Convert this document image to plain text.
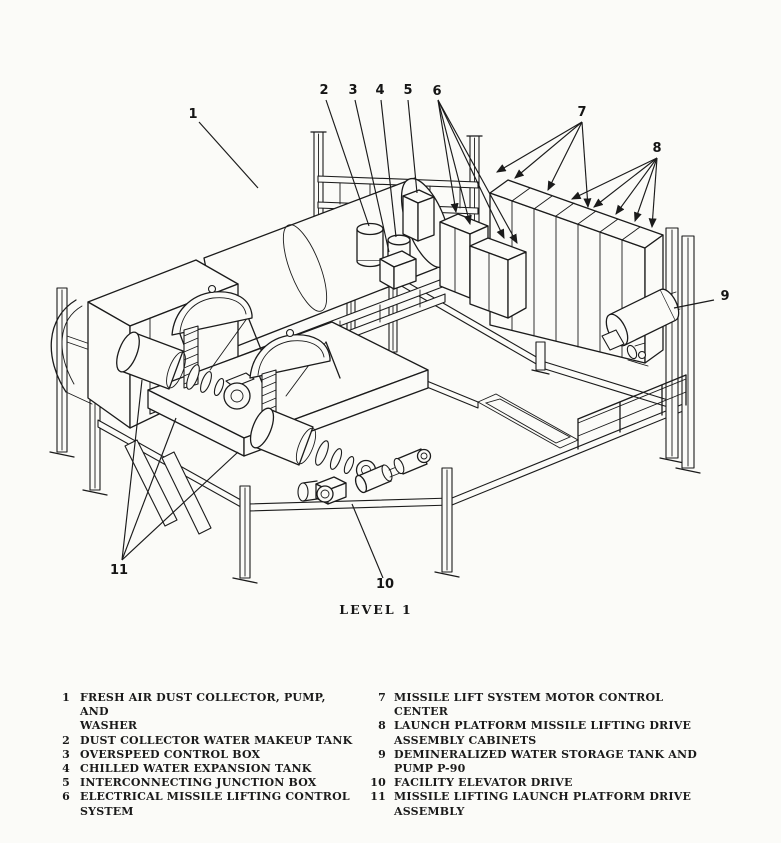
1
2 3 4 5 6
7
8
9
10
11
LEVEL 1
1 FRESH AIR DUST COLLECTOR, PUMP, AND
WASHER
2 DUST COLLECTOR WATER MAKEUP TANK
3 OVERSPEED CONTROL BOX
4 CHILLED WATER EXPANSION TANK
5 INTERCONNECTING JUNCTION BOX
6 ELECTRICAL MISSILE LIFTING CONTROL
SYSTEM
7 MISSILE LIFT SYSTEM MOTOR CONTROL CENTER
8 LAUNCH PLATFORM MISSILE LIFTING DRIVE
ASSEMBLY CABINETS
9 DEMINERALIZED WATER STORAGE TANK AND
PUMP P-90
10 FACILITY ELEVATOR DRIVE
11 MISSILE LIFTING LAUNCH PLATFORM DRIVE
ASSEMBLY
